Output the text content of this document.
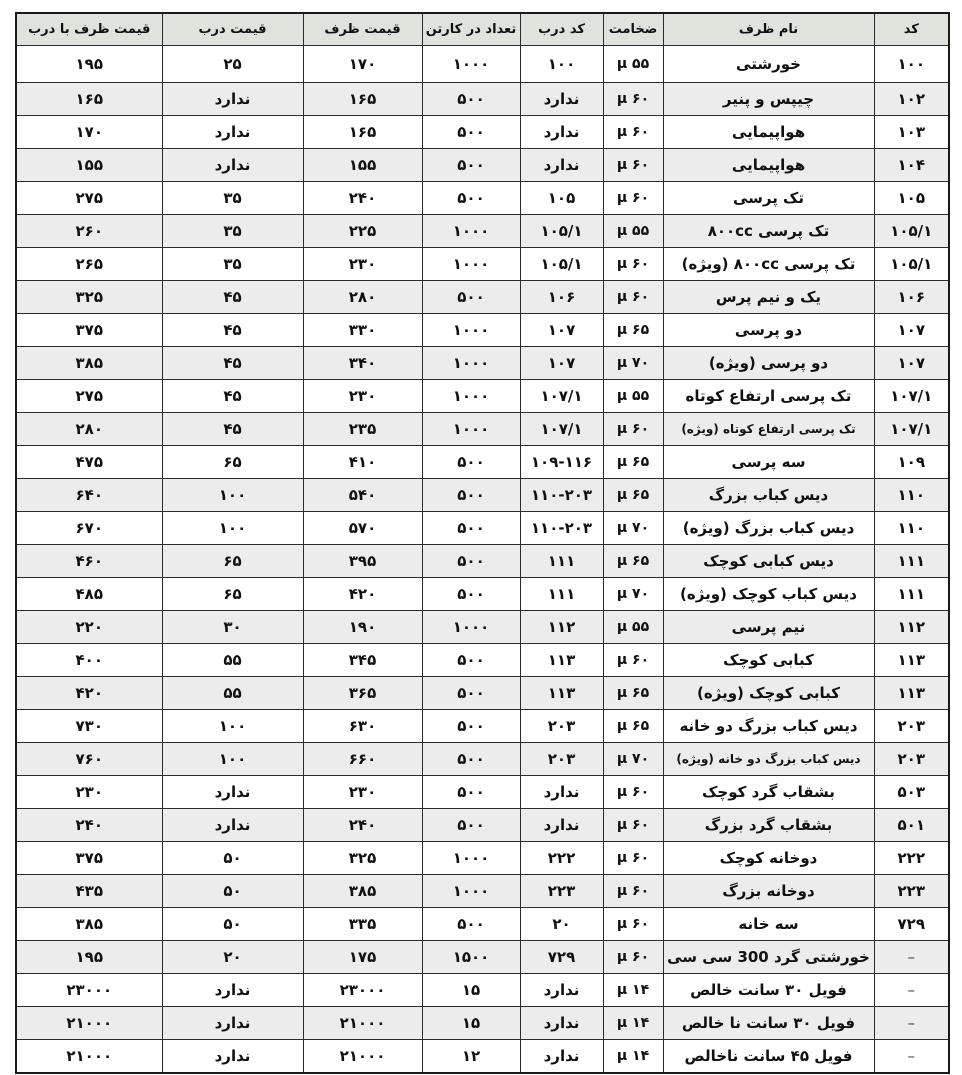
کد	نام ظرف	ضخامت	کد درب	تعداد در کارتن	قیمت ظرف	قیمت درب	قیمت ظرف با درب
۱۰۰	خورشتی	μ ۵۵	۱۰۰	۱۰۰۰	۱۷۰	۲۵	۱۹۵
۱۰۲	چیپس و پنیر	μ ۶۰	ندارد	۵۰۰	۱۶۵	ندارد	۱۶۵
۱۰۳	هواپیمایی	μ ۶۰	ندارد	۵۰۰	۱۶۵	ندارد	۱۷۰
۱۰۴	هواپیمایی	μ ۶۰	ندارد	۵۰۰	۱۵۵	ندارد	۱۵۵
۱۰۵	تک پرسی	μ ۶۰	۱۰۵	۵۰۰	۲۴۰	۳۵	۲۷۵
۱۰۵/۱	تک پرسی ۸۰۰cc	μ ۵۵	۱۰۵/۱	۱۰۰۰	۲۲۵	۳۵	۲۶۰
۱۰۵/۱	تک پرسی ۸۰۰cc (ویژه)	μ ۶۰	۱۰۵/۱	۱۰۰۰	۲۳۰	۳۵	۲۶۵
۱۰۶	یک و نیم پرس	μ ۶۰	۱۰۶	۵۰۰	۲۸۰	۴۵	۳۲۵
۱۰۷	دو پرسی	μ ۶۵	۱۰۷	۱۰۰۰	۳۳۰	۴۵	۳۷۵
۱۰۷	دو پرسی (ویژه)	μ ۷۰	۱۰۷	۱۰۰۰	۳۴۰	۴۵	۳۸۵
۱۰۷/۱	تک پرسی ارتفاع کوتاه	μ ۵۵	۱۰۷/۱	۱۰۰۰	۲۳۰	۴۵	۲۷۵
۱۰۷/۱	تک پرسی ارتفاع کوتاه (ویژه)	μ ۶۰	۱۰۷/۱	۱۰۰۰	۲۳۵	۴۵	۲۸۰
۱۰۹	سه پرسی	μ ۶۵	۱۰۹-۱۱۶	۵۰۰	۴۱۰	۶۵	۴۷۵
۱۱۰	دیس کباب بزرگ	μ ۶۵	۱۱۰-۲۰۳	۵۰۰	۵۴۰	۱۰۰	۶۴۰
۱۱۰	دیس کباب بزرگ (ویژه)	μ ۷۰	۱۱۰-۲۰۳	۵۰۰	۵۷۰	۱۰۰	۶۷۰
۱۱۱	دیس کبابی کوچک	μ ۶۵	۱۱۱	۵۰۰	۳۹۵	۶۵	۴۶۰
۱۱۱	دیس کباب کوچک (ویژه)	μ ۷۰	۱۱۱	۵۰۰	۴۲۰	۶۵	۴۸۵
۱۱۲	نیم پرسی	μ ۵۵	۱۱۲	۱۰۰۰	۱۹۰	۳۰	۲۲۰
۱۱۳	کبابی کوچک	μ ۶۰	۱۱۳	۵۰۰	۳۴۵	۵۵	۴۰۰
۱۱۳	کبابی کوچک (ویژه)	μ ۶۵	۱۱۳	۵۰۰	۳۶۵	۵۵	۴۲۰
۲۰۳	دیس کباب بزرگ دو خانه	μ ۶۵	۲۰۳	۵۰۰	۶۳۰	۱۰۰	۷۳۰
۲۰۳	دیس کباب بزرگ دو خانه (ویژه)	μ ۷۰	۲۰۳	۵۰۰	۶۶۰	۱۰۰	۷۶۰
۵۰۳	بشقاب گرد کوچک	μ ۶۰	ندارد	۵۰۰	۲۳۰	ندارد	۲۳۰
۵۰۱	بشقاب گرد بزرگ	μ ۶۰	ندارد	۵۰۰	۲۴۰	ندارد	۲۴۰
۲۲۲	دوخانه کوچک	μ ۶۰	۲۲۲	۱۰۰۰	۳۲۵	۵۰	۳۷۵
۲۲۳	دوخانه بزرگ	μ ۶۰	۲۲۳	۱۰۰۰	۳۸۵	۵۰	۴۳۵
۷۲۹	سه خانه	μ ۶۰	۲۰	۵۰۰	۳۳۵	۵۰	۳۸۵
–	خورشتی گرد 300 سی سی	μ ۶۰	۷۲۹	۱۵۰۰	۱۷۵	۲۰	۱۹۵
–	فویل ۳۰ سانت خالص	μ ۱۴	ندارد	۱۵	۲۳۰۰۰	ندارد	۲۳۰۰۰
–	فویل ۳۰ سانت نا خالص	μ ۱۴	ندارد	۱۵	۲۱۰۰۰	ندارد	۲۱۰۰۰
–	فویل ۴۵ سانت ناخالص	μ ۱۴	ندارد	۱۲	۲۱۰۰۰	ندارد	۲۱۰۰۰
